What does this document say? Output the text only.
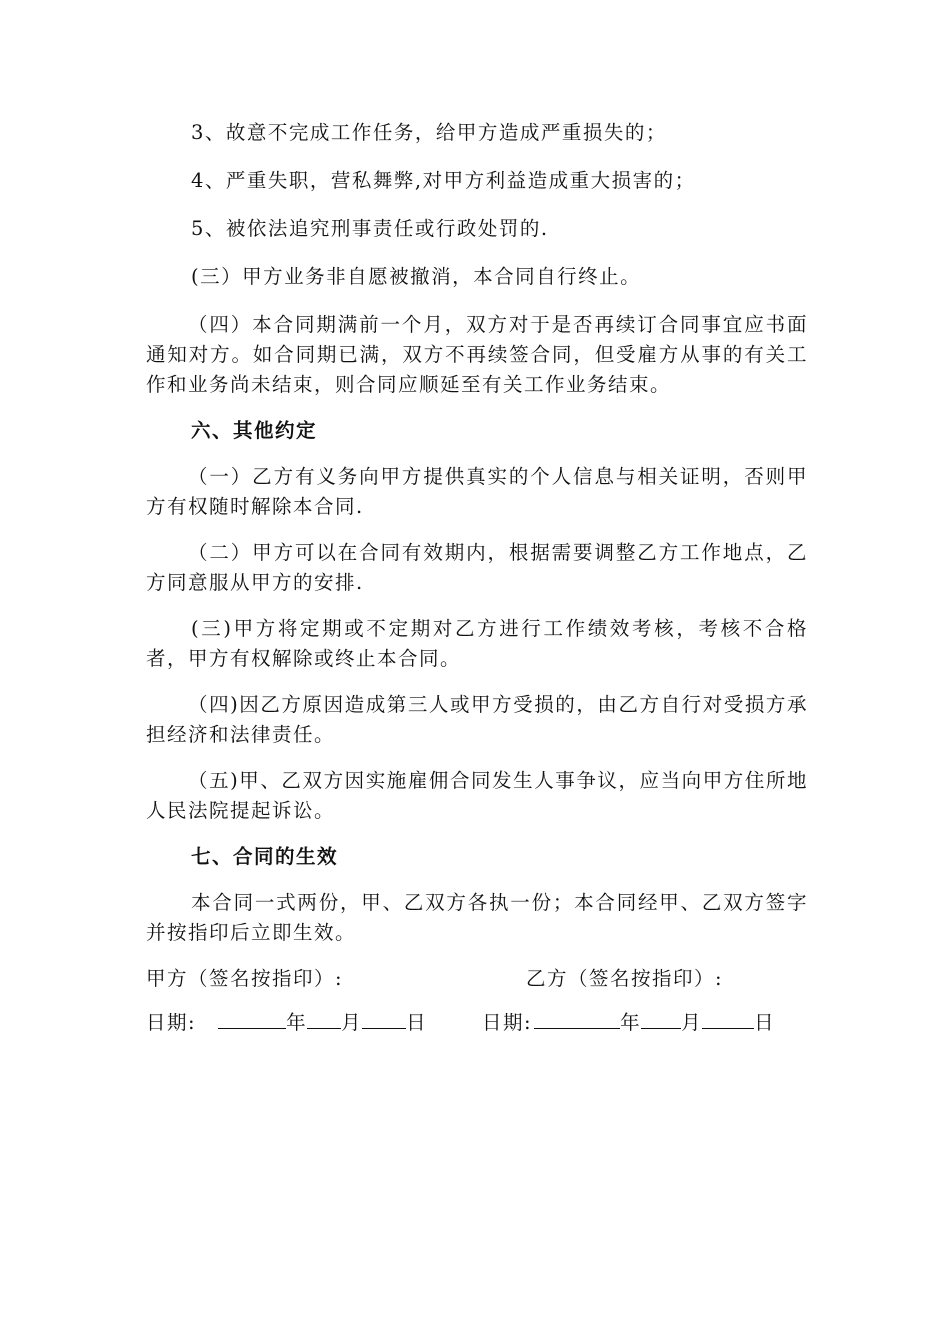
3、故意不完成工作任务，给甲方造成严重损失的；

4、严重失职，营私舞弊,对甲方利益造成重大损害的；

5、被依法追究刑事责任或行政处罚的.

(三）甲方业务非自愿被撤消，本合同自行终止。

（四）本合同期满前一个月，双方对于是否再续订合同事宜应书面通知对方。如合同期已满，双方不再续签合同，但受雇方从事的有关工作和业务尚未结束，则合同应顺延至有关工作业务结束。

六、其他约定

（一）乙方有义务向甲方提供真实的个人信息与相关证明，否则甲方有权随时解除本合同.

（二）甲方可以在合同有效期内，根据需要调整乙方工作地点，乙方同意服从甲方的安排.

(三)甲方将定期或不定期对乙方进行工作绩效考核，考核不合格者，甲方有权解除或终止本合同。

（四)因乙方原因造成第三人或甲方受损的，由乙方自行对受损方承担经济和法律责任。

（五)甲、乙双方因实施雇佣合同发生人事争议，应当向甲方住所地人民法院提起诉讼。

七、合同的生效

本合同一式两份，甲、乙双方各执一份；本合同经甲、乙双方签字并按指印后立即生效。

甲方（签名按指印）:	乙方（签名按指印）:
日期:	年 月 日	日期:	年 月	日
